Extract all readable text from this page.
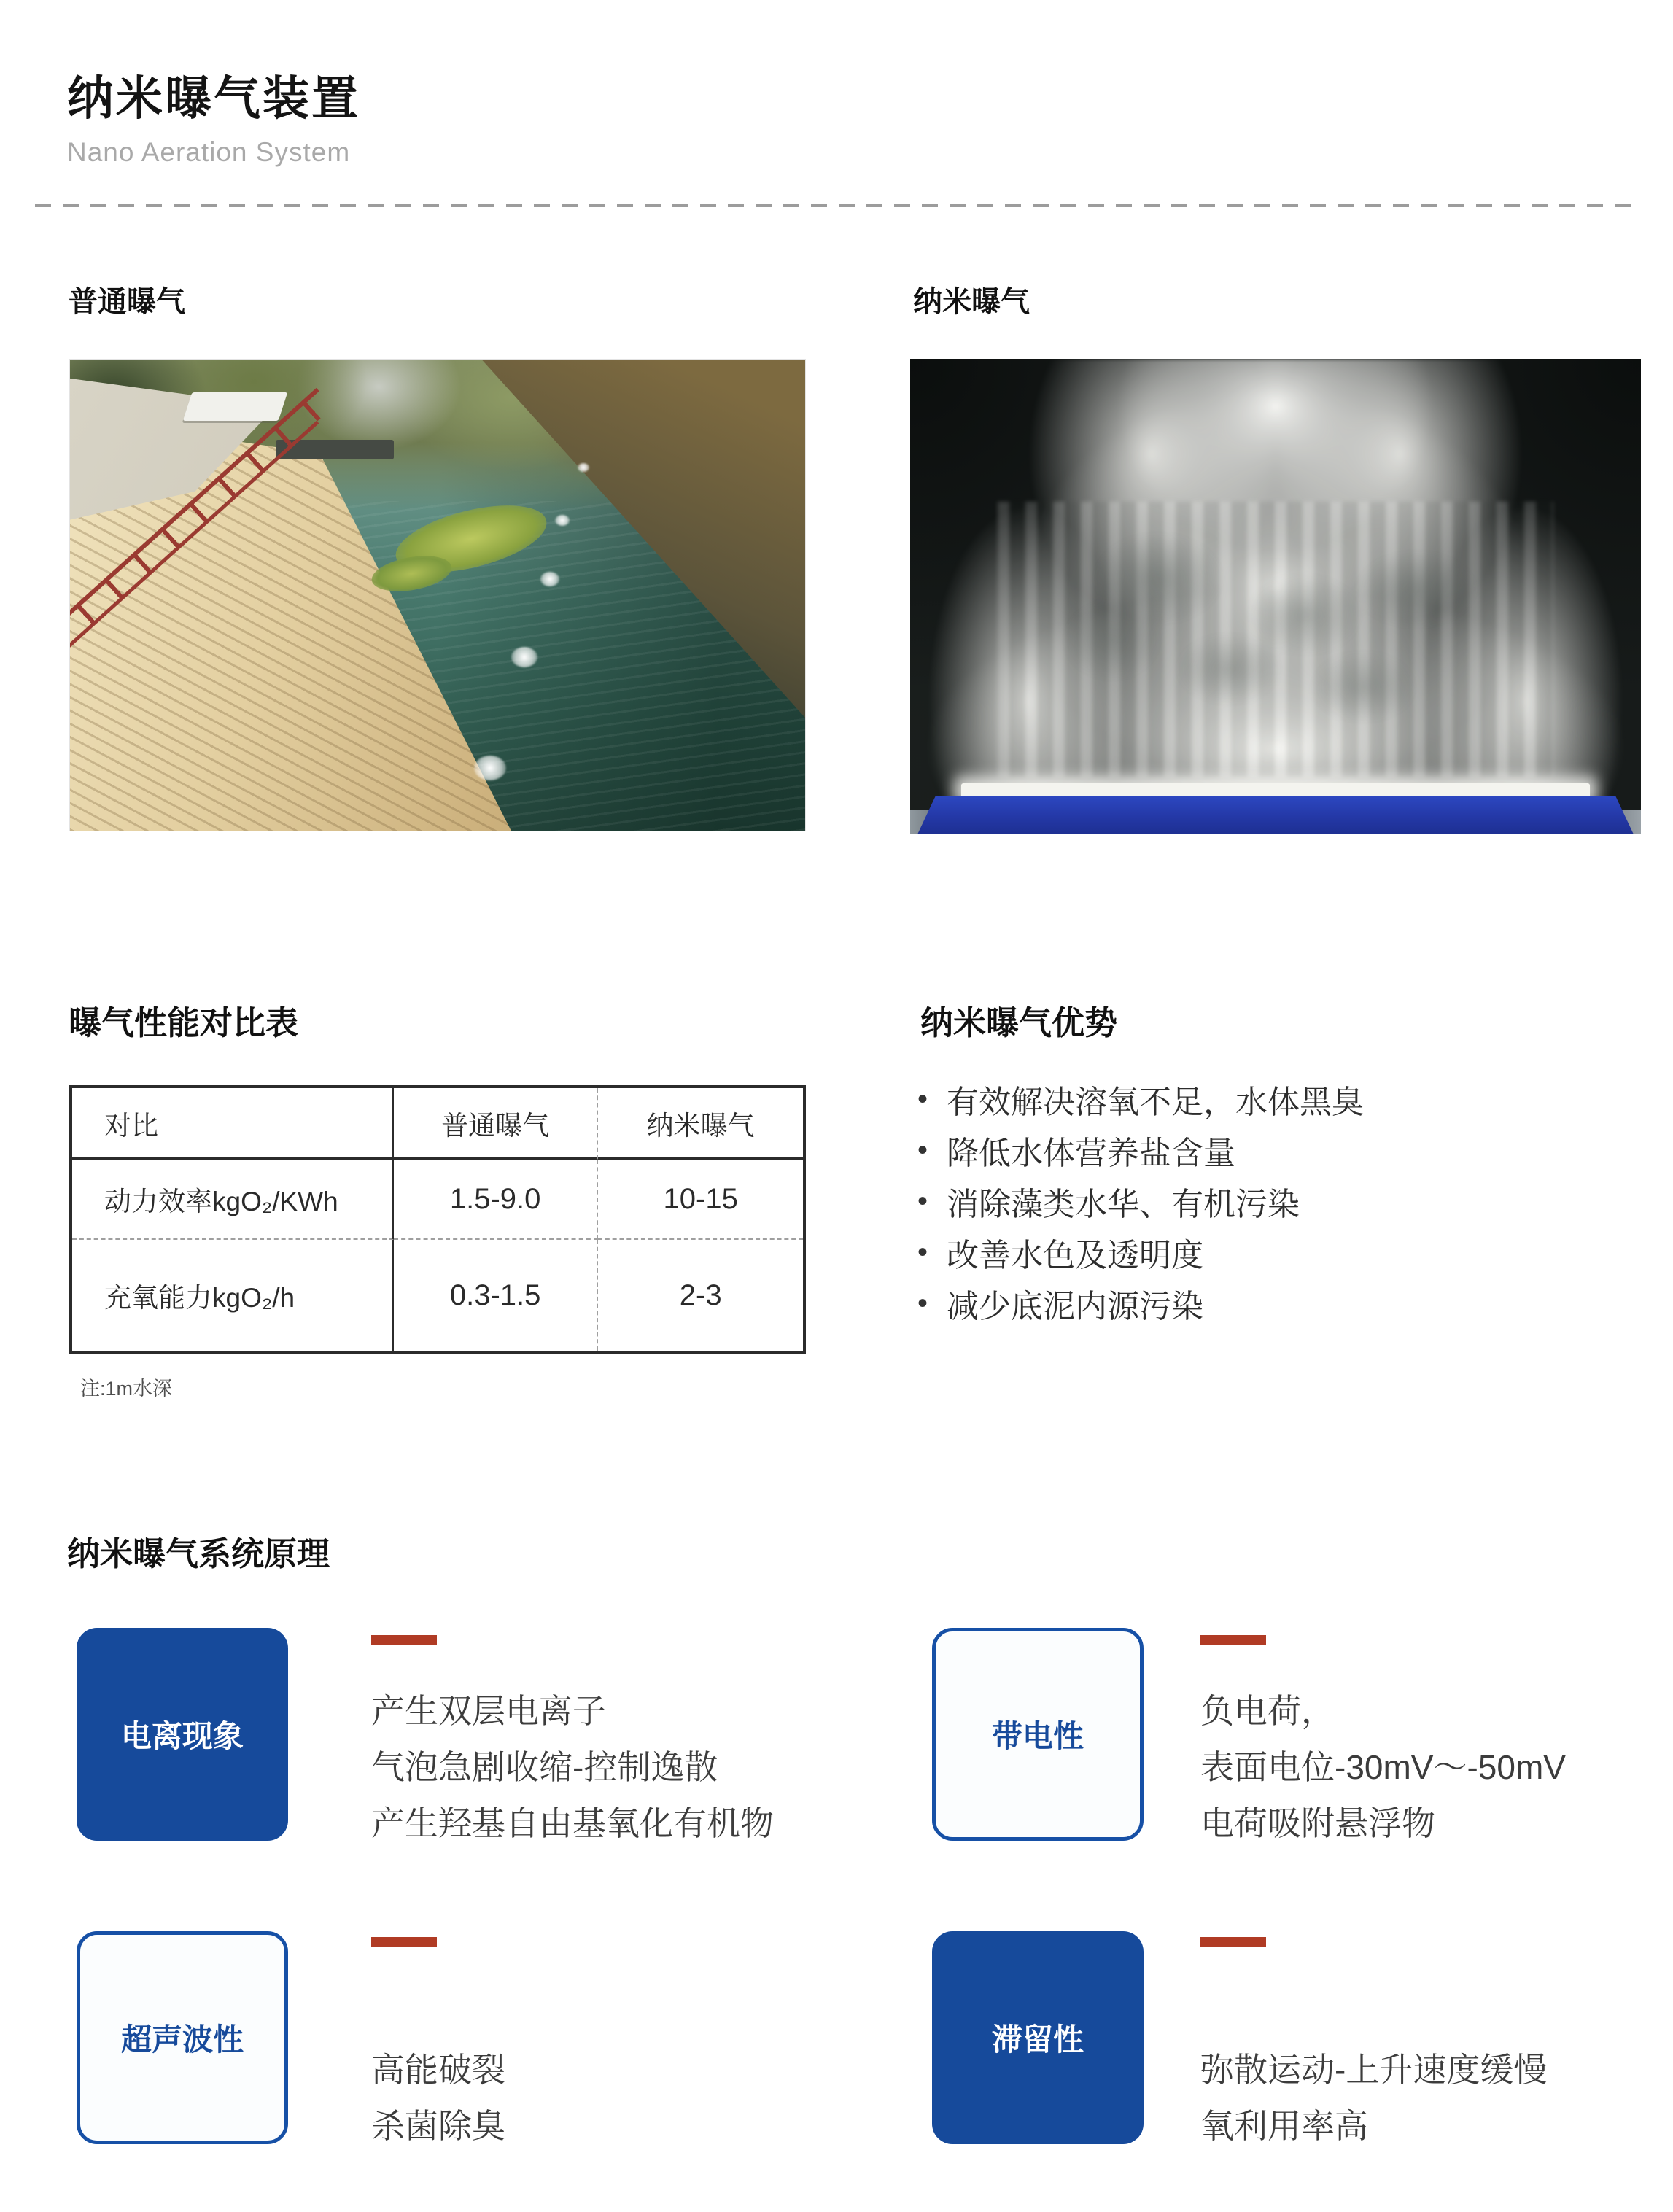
纳米曝气装置
Nano Aeration System
普通曝气	纳米曝气
曝气性能对比表
对比	普通曝气	纳米曝气
动力效率kgO₂/KWh	1.5-9.0	10-15
充氧能力kgO₂/h	0.3-1.5	2-3
注:1m水深
纳米曝气优势
• 有效解决溶氧不足，水体黑臭
• 降低水体营养盐含量
• 消除藻类水华、有机污染
• 改善水色及透明度
• 减少底泥内源污染
纳米曝气系统原理
电离现象
产生双层电离子
气泡急剧收缩-控制逸散
产生羟基自由基氧化有机物
带电性
负电荷，
表面电位-30mV～-50mV
电荷吸附悬浮物
超声波性
高能破裂
杀菌除臭
滞留性
弥散运动-上升速度缓慢
氧利用率高
